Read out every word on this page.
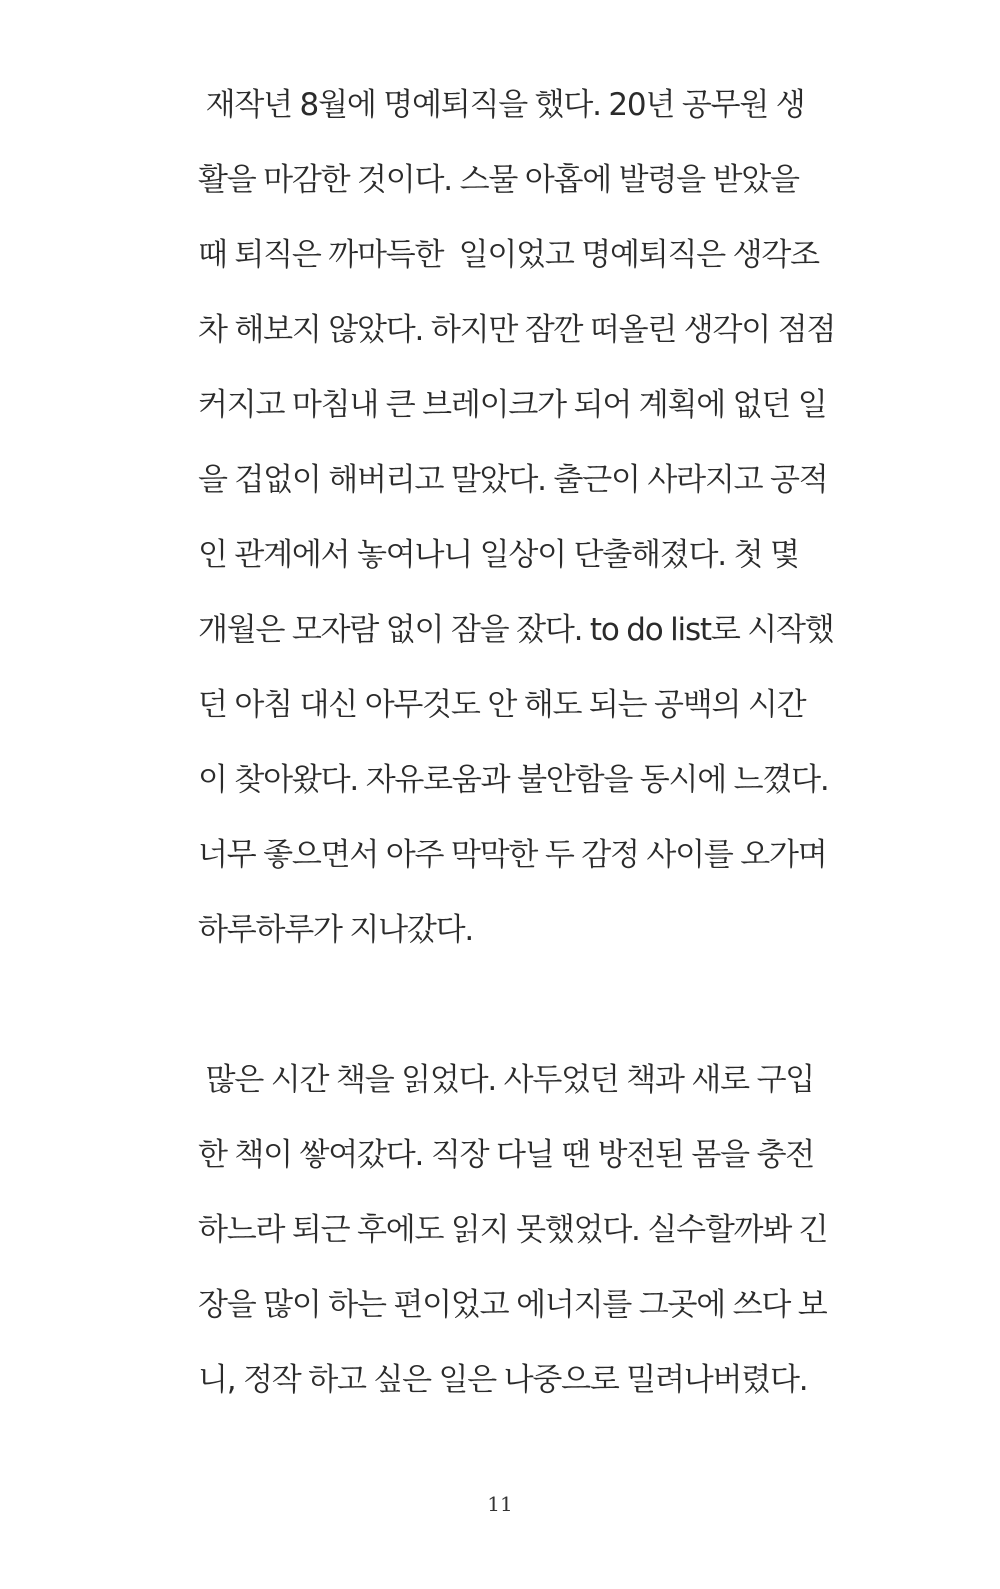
재작년 8월에 명예퇴직을 했다. 20년 공무원 생
활을 마감한 것이다. 스물 아홉에 발령을 받았을
때 퇴직은 까마득한  일이었고 명예퇴직은 생각조
차 해보지 않았다. 하지만 잠깐 떠올린 생각이 점점
커지고 마침내 큰 브레이크가 되어 계획에 없던 일
을 겁없이 해버리고 말았다. 출근이 사라지고 공적
인 관계에서 놓여나니 일상이 단출해졌다. 첫 몇
개월은 모자람 없이 잠을 잤다. to do list로 시작했
던 아침 대신 아무것도 안 해도 되는 공백의 시간
이 찾아왔다. 자유로움과 불안함을 동시에 느꼈다.
너무 좋으면서 아주 막막한 두 감정 사이를 오가며
하루하루가 지나갔다.
많은 시간 책을 읽었다. 사두었던 책과 새로 구입
한 책이 쌓여갔다. 직장 다닐 땐 방전된 몸을 충전
하느라 퇴근 후에도 읽지 못했었다. 실수할까봐 긴
장을 많이 하는 편이었고 에너지를 그곳에 쓰다 보
니, 정작 하고 싶은 일은 나중으로 밀려나버렸다.
11
